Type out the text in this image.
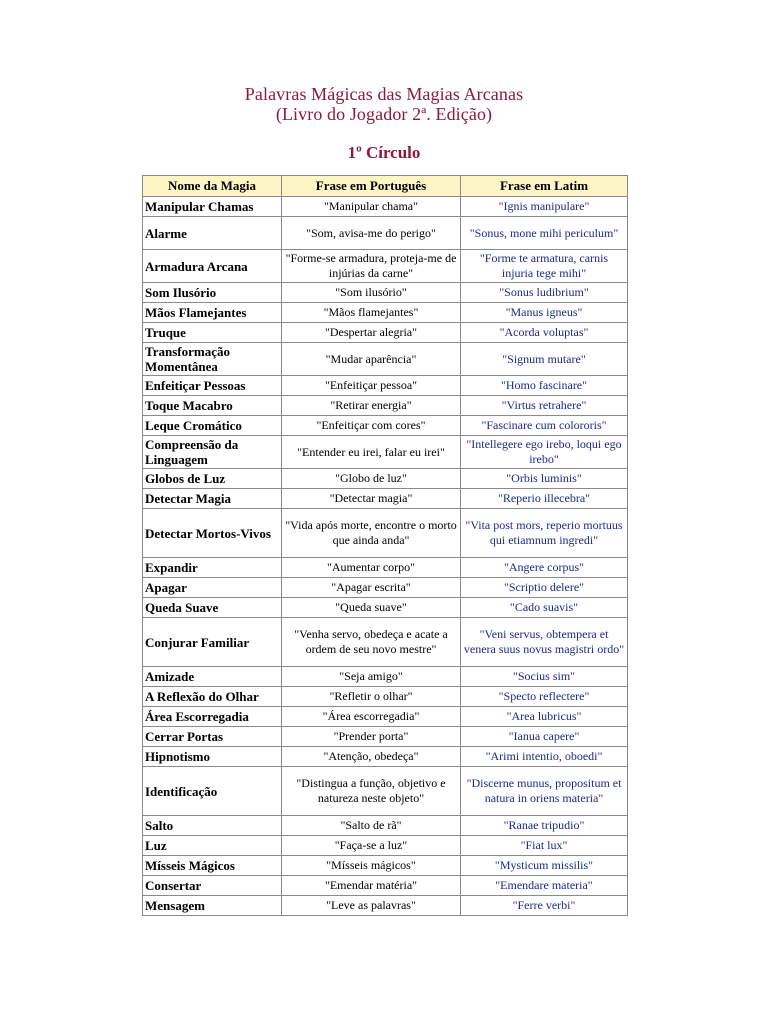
Palavras Mágicas das Magias Arcanas
(Livro do Jogador 2ª. Edição)
1º Círculo
Nome da Magia	Frase em Português	Frase em Latim
Manipular Chamas	"Manipular chama"	"Ignis manipulare"
Alarme	"Som, avisa-me do perigo"	"Sonus, mone mihi periculum"
Armadura Arcana	"Forme-se armadura, proteja-me de injúrias da carne"	"Forme te armatura, carnis injuria tege mihi"
Som Ilusório	"Som ilusório"	"Sonus ludibrium"
Mãos Flamejantes	"Mãos flamejantes"	"Manus igneus"
Truque	"Despertar alegria"	"Acorda voluptas"
Transformação Momentânea	"Mudar aparência"	"Signum mutare"
Enfeitiçar Pessoas	"Enfeitiçar pessoa"	"Homo fascinare"
Toque Macabro	"Retirar energia"	"Virtus retrahere"
Leque Cromático	"Enfeitiçar com cores"	"Fascinare cum colororis"
Compreensão da Linguagem	"Entender eu irei, falar eu irei"	"Intellegere ego irebo, loqui ego irebo"
Globos de Luz	"Globo de luz"	"Orbis luminis"
Detectar Magia	"Detectar magia"	"Reperio illecebra"
Detectar Mortos-Vivos	"Vida após morte, encontre o morto que ainda anda"	"Vita post mors, reperio mortuus qui etiamnum ingredi"
Expandir	"Aumentar corpo"	"Angere corpus"
Apagar	"Apagar escrita"	"Scriptio delere"
Queda Suave	"Queda suave"	"Cado suavis"
Conjurar Familiar	"Venha servo, obedeça e acate a ordem de seu novo mestre"	"Veni servus, obtempera et venera suus novus magistri ordo"
Amizade	"Seja amigo"	"Socius sim"
A Reflexão do Olhar	"Refletir o olhar"	"Specto reflectere"
Área Escorregadia	"Área escorregadia"	"Area lubricus"
Cerrar Portas	"Prender porta"	"Ianua capere"
Hipnotismo	"Atenção, obedeça"	"Arimi intentio, oboedi"
Identificação	"Distingua a função, objetivo e natureza neste objeto"	"Discerne munus, propositum et natura in oriens materia"
Salto	"Salto de rã"	"Ranae tripudio"
Luz	"Faça-se a luz"	"Fiat lux"
Mísseis Mágicos	"Mísseis mágicos"	"Mysticum missilis"
Consertar	"Emendar matéria"	"Emendare materia"
Mensagem	"Leve as palavras"	"Ferre verbi"
